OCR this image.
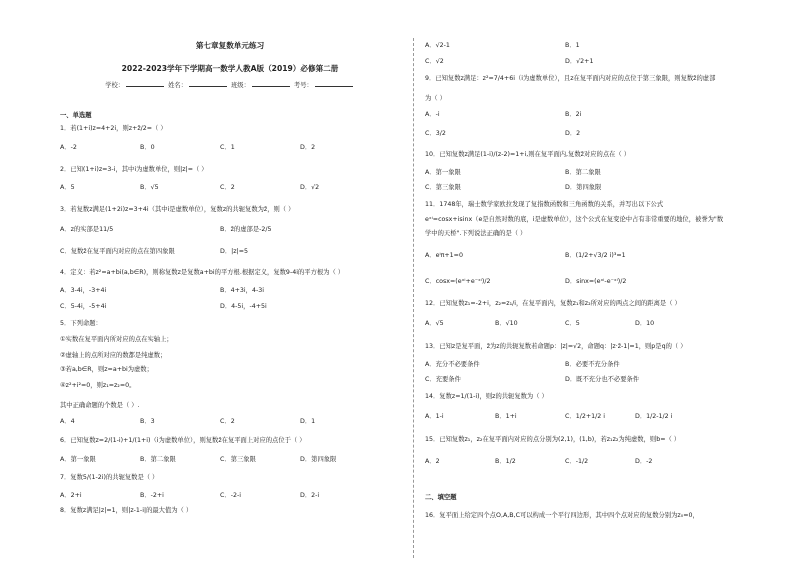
第七章复数单元练习
2022-2023学年下学期高一数学人教A版（2019）必修第二册
学校：	姓名：	班级：	考号：
一、单选题
1．若(1+i)z=4+2i，则z+z̄/2=（ ）
A．-2	B．0	C．1	D．2
2．已知(1+i)z=3-i，其中i为虚数单位，则|z|=（ ）
A．5	B．√5	C．2	D．√2
3．若复数z满足(1+2i)z=3+4i（其中i是虚数单位），复数z的共轭复数为z̄，则（ ）
A．z的实部是11/5	B．z̄的虚部是-2/5
C．复数z̄在复平面内对应的点在第四象限	D．|z|=5
4．定义：若z²=a+bi(a,b∈R)，则称复数z是复数a+bi的平方根.根据定义，复数9-4i的平方根为（ ）
A．3-4i，-3+4i	B．4+3i，4-3i
C．5-4i，-5+4i	D．4-5i，-4+5i
5．下列命题：
①实数在复平面内所对应的点在实轴上；
②虚轴上的点所对应的数都是纯虚数；
③若a,b∈R，则z=a+bi为虚数；
④z²+i²=0，则z₁=z₂=0。
其中正确命题的个数是（ ）.
A．4	B．3	C．2	D．1
6．已知复数z=2/(1-i)+1/(1+i)（i为虚数单位），则复数z̄在复平面上对应的点位于（ ）
A．第一象限	B．第二象限	C．第三象限	D．第四象限
7．复数5/(1-2i)的共轭复数是（ ）
A．2+i	B．-2+i	C．-2-i	D．2-i
8．复数z满足|z|=1，则|z-1-i|的最大值为（ ）
A．√2-1	B．1
C．√2	D．√2+1
9．已知复数z满足：z²=7/4+6i（i为虚数单位），且z在复平面内对应的点位于第三象限，则复数z̄的虚部
为（ ）
A．-i	B．2i
C．3/2	D．2
10．已知复数z满足(1-i)/(z-2)=1+i,则在复平面内,复数z̄对应的点在（ ）
A．第一象限	B．第二象限
C．第三象限	D．第四象限
11．1748年，瑞士数学家欧拉发现了复指数函数和三角函数的关系，并写出以下公式
eˣⁱ=cosx+isinx（e是自然对数的底，i是虚数单位），这个公式在复变论中占有非常重要的地位，被誉为"数
学中的天桥".下列说法正确的是（ ）
A．eⁱπ+1=0	B．(1/2+√3/2 i)³=1
C．cosx=(eˣⁱ+e⁻ˣⁱ)/2	D．sinx=(eˣⁱ-e⁻ˣⁱ)/2
12．已知复数z₁=-2+i，z₂=z₁/i，在复平面内，复数z₁和z₂所对应的两点之间的距离是（ ）
A．√5	B．√10	C．5	D．10
13．已知z是复平面，z̄为z的共轭复数若命题p：|z|=√2，命题q：|z·z̄-1|=1，则p是q的（ ）
A．充分不必要条件	B．必要不充分条件
C．充要条件	D．既不充分也不必要条件
14．复数z=1/(1-i)，则z的共轭复数为（ ）
A．1-i	B．1+i	C．1/2+1/2 i	D．1/2-1/2 i
15．已知复数z₁，z₂在复平面内对应的点分别为(2,1)，(1,b)，若z₁z₂为纯虚数，则b=（ ）
A．2	B．1/2	C．-1/2	D．-2
二、填空题
16．复平面上给定四个点O,A,B,C可以构成一个平行四边形，其中四个点对应的复数分别为z₀=0，
